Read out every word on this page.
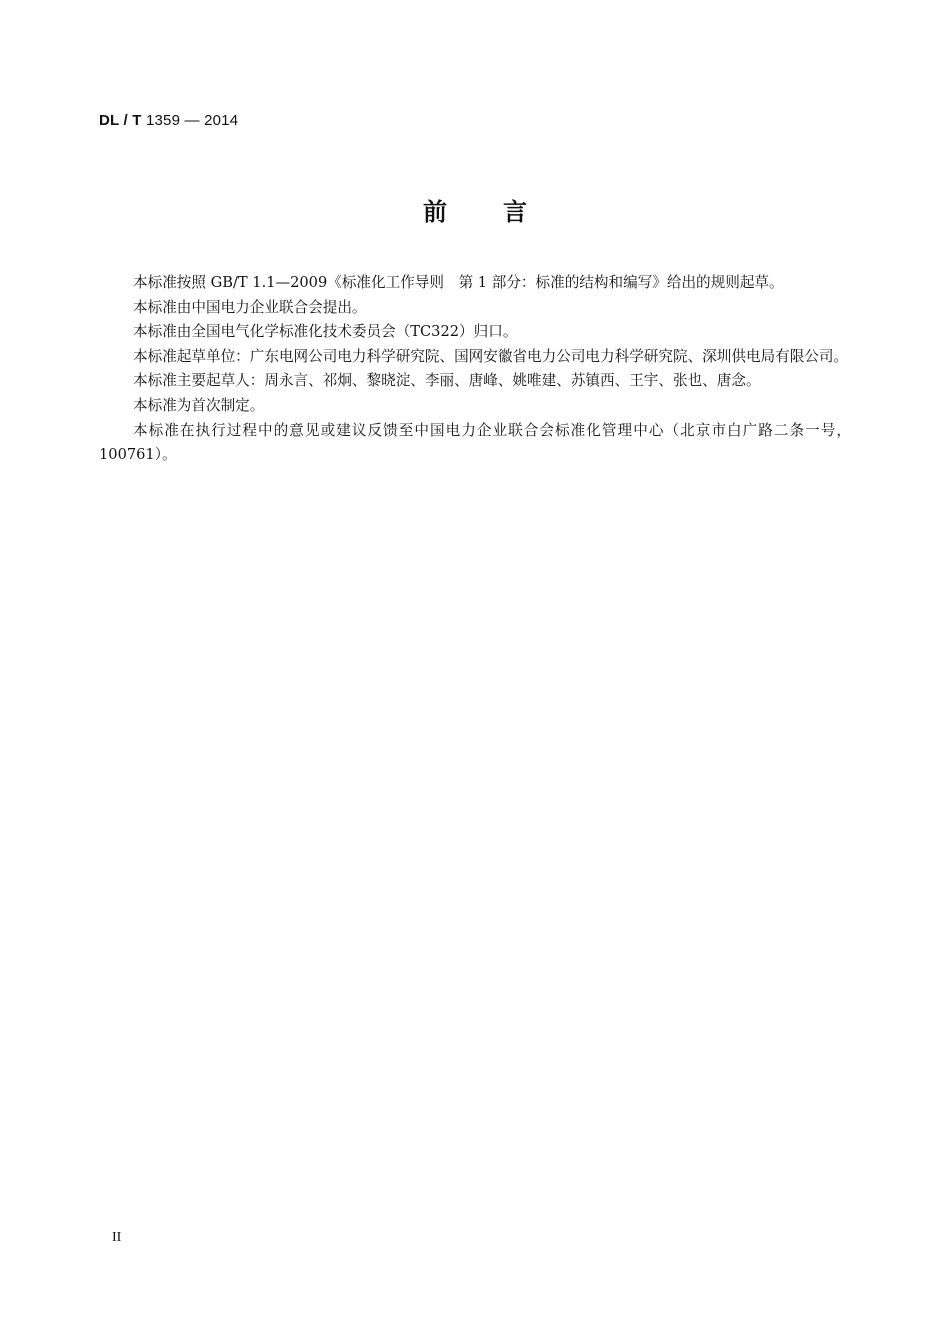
DL / T 1359 — 2014
前言

本标准按照 GB/T 1.1—2009《标准化工作导则　第 1 部分：标准的结构和编写》给出的规则起草。

本标准由中国电力企业联合会提出。

本标准由全国电气化学标准化技术委员会（TC322）归口。

本标准起草单位：广东电网公司电力科学研究院、国网安徽省电力公司电力科学研究院、深圳供电局有限公司。

本标准主要起草人：周永言、祁炯、黎晓淀、李丽、唐峰、姚唯建、苏镇西、王宇、张也、唐念。

本标准为首次制定。

本标准在执行过程中的意见或建议反馈至中国电力企业联合会标准化管理中心（北京市白广路二条一号，100761）。

II
